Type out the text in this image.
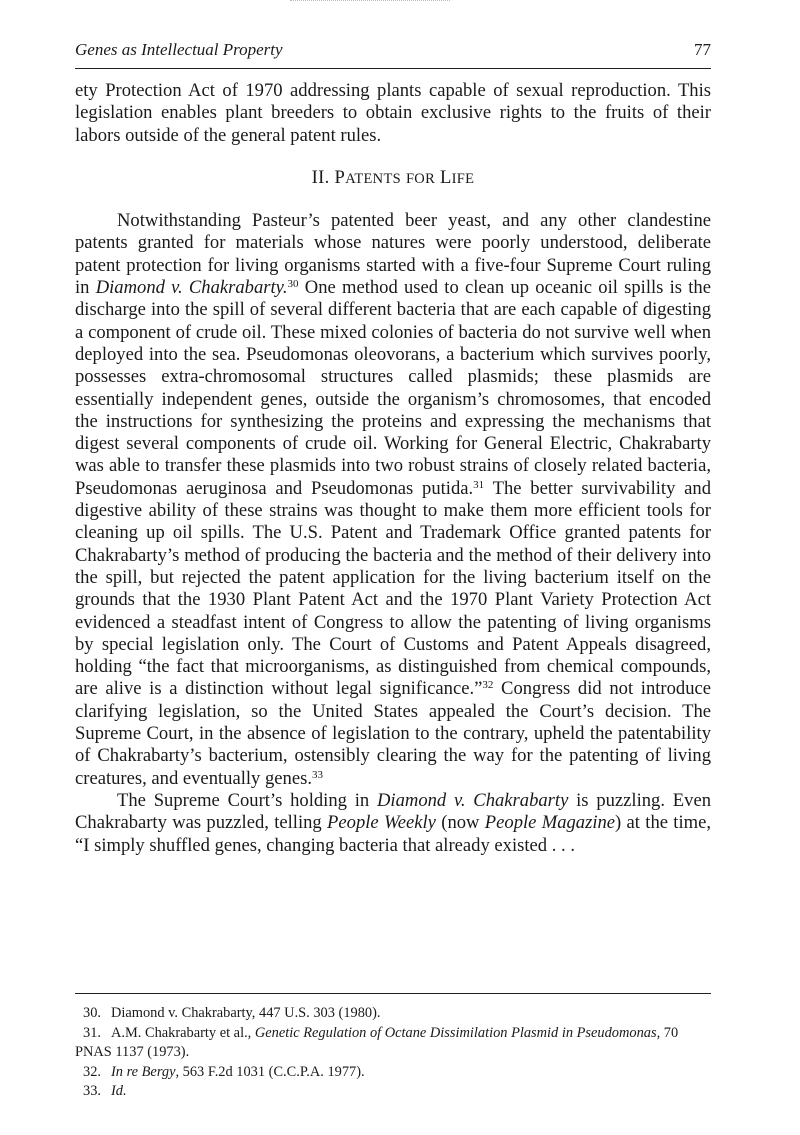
Genes as Intellectual Property	77

ety Protection Act of 1970 addressing plants capable of sexual reproduction. This legislation enables plant breeders to obtain exclusive rights to the fruits of their labors outside of the general patent rules.

II. PATENTS FOR LIFE

Notwithstanding Pasteur’s patented beer yeast, and any other clandestine patents granted for materials whose natures were poorly understood, deliberate patent protection for living organisms started with a five-four Supreme Court ruling in Diamond v. Chakrabarty.$^{30}$ One method used to clean up oceanic oil spills is the discharge into the spill of several different bacteria that are each capable of digesting a component of crude oil. These mixed colonies of bacteria do not survive well when deployed into the sea. Pseudomonas oleovorans, a bacterium which survives poorly, possesses extra-chromosomal structures called plasmids; these plasmids are essentially independent genes, outside the organism’s chromosomes, that encoded the instructions for synthesizing the proteins and expressing the mechanisms that digest several components of crude oil. Working for General Electric, Chakrabarty was able to transfer these plasmids into two robust strains of closely related bacteria, Pseudomonas aeruginosa and Pseudomonas putida.$^{31}$ The better survivability and digestive ability of these strains was thought to make them more efficient tools for cleaning up oil spills. The U.S. Patent and Trademark Office granted patents for Chakrabarty’s method of producing the bacteria and the method of their delivery into the spill, but rejected the patent application for the living bacterium itself on the grounds that the 1930 Plant Patent Act and the 1970 Plant Variety Protection Act evidenced a steadfast intent of Congress to allow the patenting of living organisms by special legislation only. The Court of Customs and Patent Appeals disagreed, holding “the fact that microorganisms, as distinguished from chemical compounds, are alive is a distinction without legal significance.”$^{32}$ Congress did not introduce clarifying legislation, so the United States appealed the Court’s decision. The Supreme Court, in the absence of legislation to the contrary, upheld the patentability of Chakrabarty’s bacterium, ostensibly clearing the way for the patenting of living creatures, and eventually genes.$^{33}$

The Supreme Court’s holding in Diamond v. Chakrabarty is puzzling. Even Chakrabarty was puzzled, telling People Weekly (now People Magazine) at the time, “I simply shuffled genes, changing bacteria that already existed . . .

30. Diamond v. Chakrabarty, 447 U.S. 303 (1980).

31. A.M. Chakrabarty et al., Genetic Regulation of Octane Dissimilation Plasmid in Pseudomonas, 70 PNAS 1137 (1973).

32. In re Bergy, 563 F.2d 1031 (C.C.P.A. 1977).

33. Id.
